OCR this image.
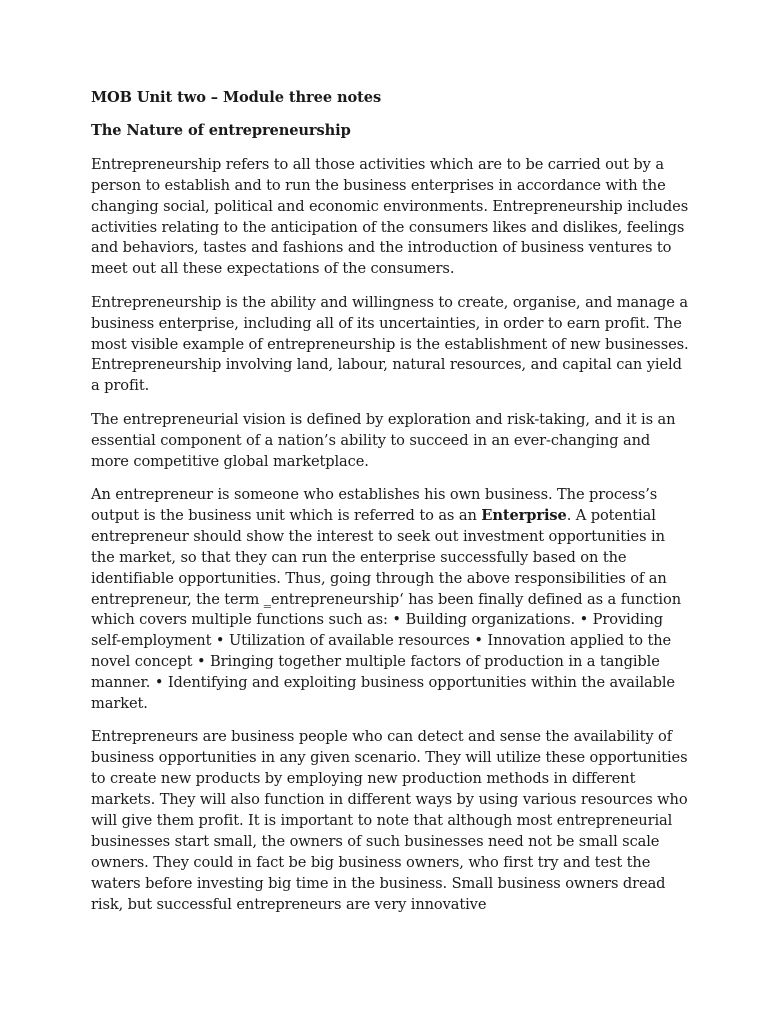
MOB Unit two – Module three notes
The Nature of entrepreneurship

Entrepreneurship refers to all those activities which are to be carried out by a person to establish and to run the business enterprises in accordance with the changing social, political and economic environments. Entrepreneurship includes activities relating to the anticipation of the consumers likes and dislikes, feelings and behaviors, tastes and fashions and the introduction of business ventures to meet out all these expectations of the consumers.

Entrepreneurship is the ability and willingness to create, organise, and manage a business enterprise, including all of its uncertainties, in order to earn profit. The most visible example of entrepreneurship is the establishment of new businesses. Entrepreneurship involving land, labour, natural resources, and capital can yield a profit.

The entrepreneurial vision is defined by exploration and risk-taking, and it is an essential component of a nation’s ability to succeed in an ever-changing and more competitive global marketplace.

An entrepreneur is someone who establishes his own business. The process’s output is the business unit which is referred to as an Enterprise. A potential entrepreneur should show the interest to seek out investment opportunities in the market, so that they can run the enterprise successfully based on the identifiable opportunities. Thus, going through the above responsibilities of an entrepreneur, the term ‗entrepreneurship‘ has been finally defined as a function which covers multiple functions such as: • Building organizations. • Providing self-employment • Utilization of available resources • Innovation applied to the novel concept • Bringing together multiple factors of production in a tangible manner. • Identifying and exploiting business opportunities within the available market.

Entrepreneurs are business people who can detect and sense the availability of business opportunities in any given scenario. They will utilize these opportunities to create new products by employing new production methods in different markets. They will also function in different ways by using various resources who will give them profit. It is important to note that although most entrepreneurial businesses start small, the owners of such businesses need not be small scale owners. They could in fact be big business owners, who first try and test the waters before investing big time in the business. Small business owners dread risk, but successful entrepreneurs are very innovative
